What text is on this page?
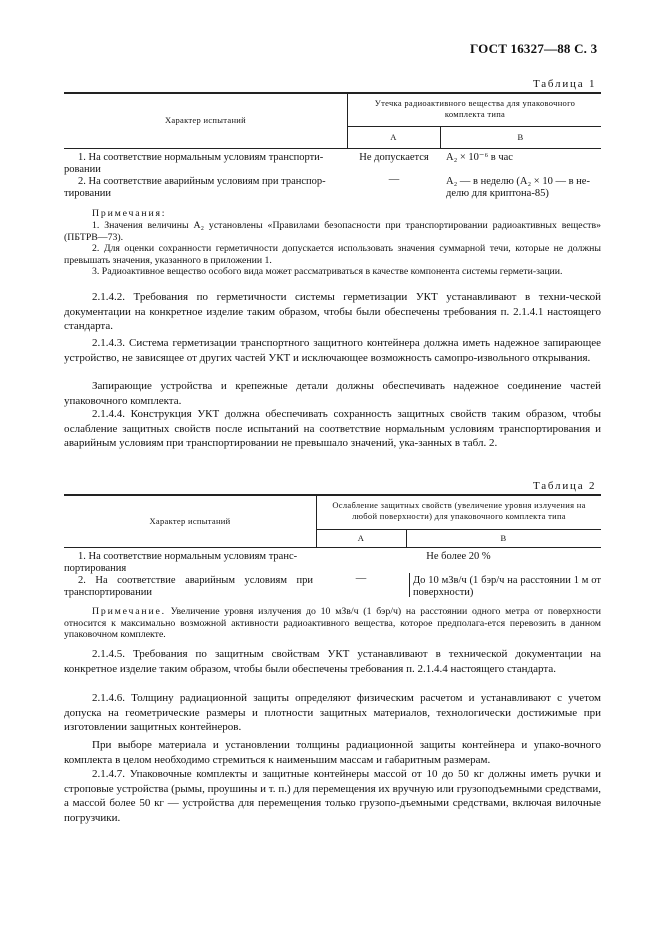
ГОСТ 16327—88 С. 3
Таблица 1
Характер испытаний
Утечка радиоактивного вещества для упаковочного комплекта типа
А	В
1. На соответствие нормальным условиям транспорти-ровании
Не допускается	A₂ × 10⁻⁶ в час
2. На соответствие аварийным условиям при транспор-тировании
—	A₂ — в неделю (A₂ × 10 — в не-делю для криптона-85)
Примечания:
1. Значения величины A₂ установлены «Правилами безопасности при транспортировании радиоактивных веществ» (ПБТРВ—73).
2. Для оценки сохранности герметичности допускается использовать значения суммарной течи, которые не должны превышать значения, указанного в приложении 1.
3. Радиоактивное вещество особого вида может рассматриваться в качестве компонента системы гермети-зации.
2.1.4.2. Требования по герметичности системы герметизации УКТ устанавливают в техни-ческой документации на конкретное изделие таким образом, чтобы были обеспечены требования п. 2.1.4.1 настоящего стандарта.
2.1.4.3. Система герметизации транспортного защитного контейнера должна иметь надежное запирающее устройство, не зависящее от других частей УКТ и исключающее возможность самопро-извольного открывания.
Запирающие устройства и крепежные детали должны обеспечивать надежное соединение частей упаковочного комплекта.
2.1.4.4. Конструкция УКТ должна обеспечивать сохранность защитных свойств таким образом, чтобы ослабление защитных свойств после испытаний на соответствие нормальным условиям транспортирования и аварийным условиям при транспортировании не превышало значений, ука-занных в табл. 2.
Таблица 2
Характер испытаний
Ослабление защитных свойств (увеличение уровня излучения на любой поверхности) для упаковочного комплекта типа
А	В
1. На соответствие нормальным условиям транс-портирования
Не более 20 %
2. На соответствие аварийным условиям при транспортировании
—	До 10 мЗв/ч (1 бэр/ч на расстоянии 1 м от поверхности)
Примечание. Увеличение уровня излучения до 10 мЗв/ч (1 бэр/ч) на расстоянии одного метра от поверхности относится к максимально возможной активности радиоактивного вещества, которое предполага-ется перевозить в данном упаковочном комплекте.
2.1.4.5. Требования по защитным свойствам УКТ устанавливают в технической документации на конкретное изделие таким образом, чтобы были обеспечены требования п. 2.1.4.4 настоящего стандарта.
2.1.4.6. Толщину радиационной защиты определяют физическим расчетом и устанавливают с учетом допуска на геометрические размеры и плотности защитных материалов, технологически достижимые при изготовлении защитных контейнеров.
При выборе материала и установлении толщины радиационной защиты контейнера и упако-вочного комплекта в целом необходимо стремиться к наименьшим массам и габаритным размерам.
2.1.4.7. Упаковочные комплекты и защитные контейнеры массой от 10 до 50 кг должны иметь ручки и строповые устройства (рымы, проушины и т. п.) для перемещения их вручную или грузоподъемными средствами, а массой более 50 кг — устройства для перемещения только грузопо-дъемными средствами, включая вилочные погрузчики.
